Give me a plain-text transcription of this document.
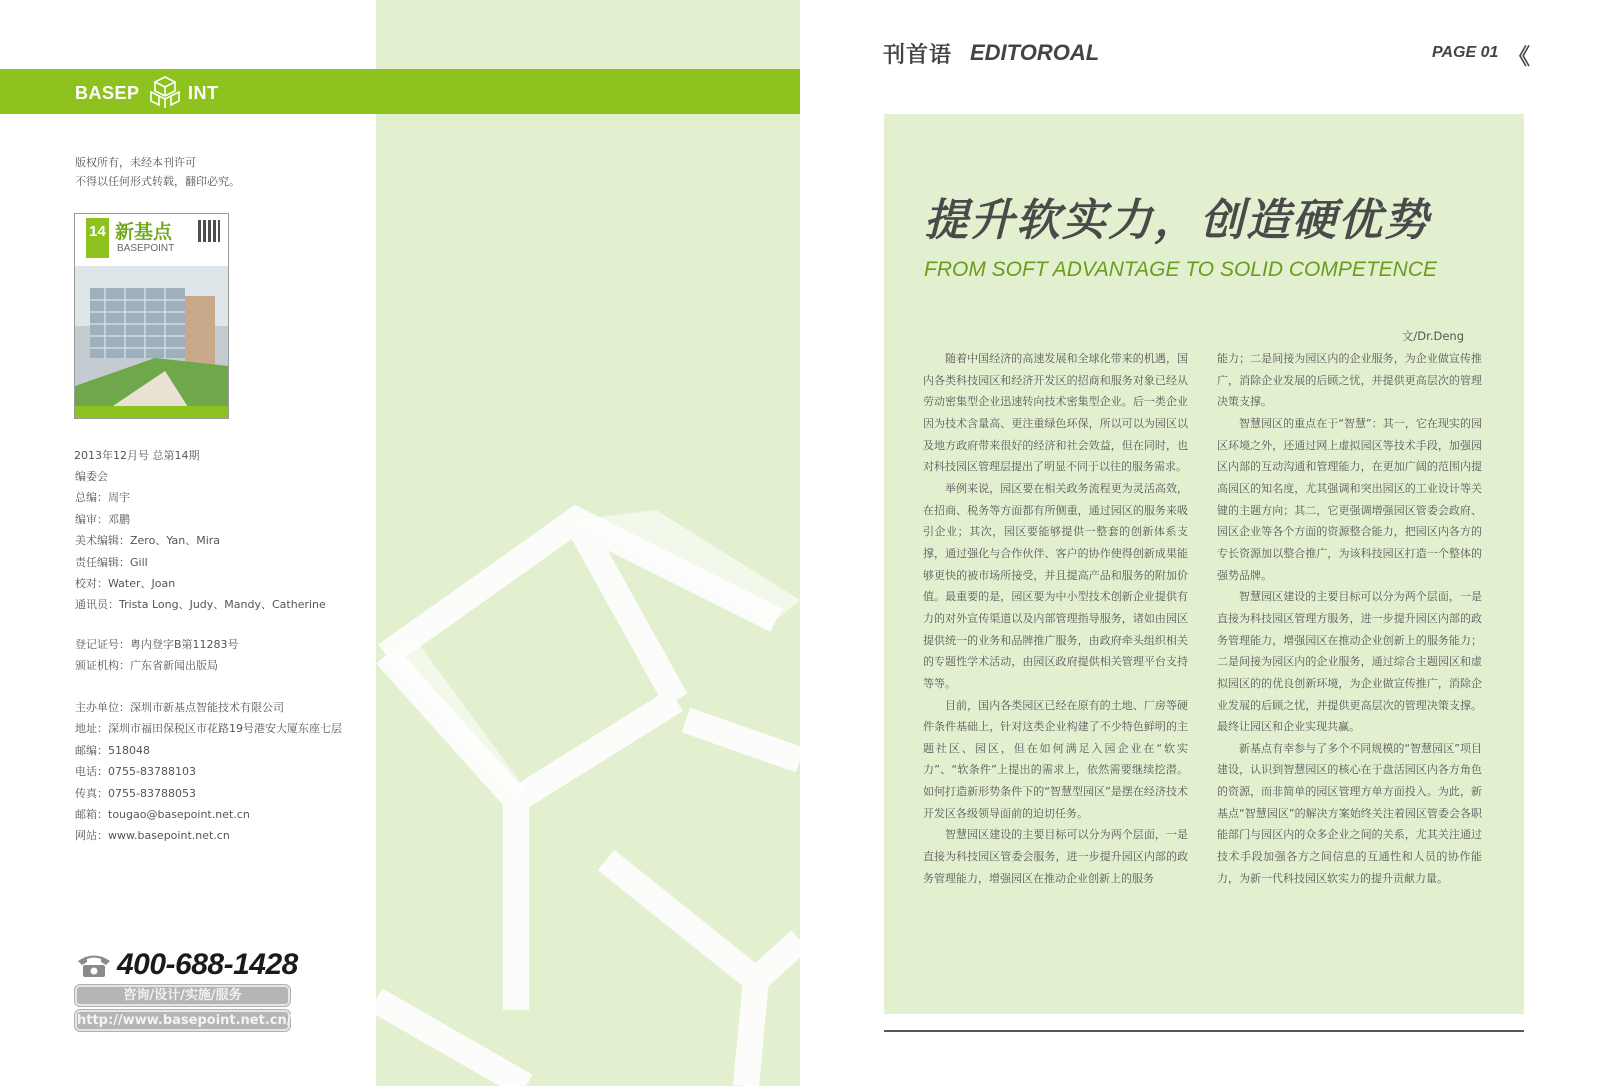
BASEP	INT
版权所有，未经本刊许可
不得以任何形式转载，翻印必究。
14 新基点
BASEPOINT
2013年12月号 总第14期
编委会
总编：周宇
编审：邓鹏
美术编辑：Zero、Yan、Mira
责任编辑：Gill
校对：Water、Joan
通讯员：Trista Long、Judy、Mandy、Catherine
登记证号：粤内登字B第11283号
颁证机构：广东省新闻出版局
主办单位：深圳市新基点智能技术有限公司
地址：深圳市福田保税区市花路19号港安大厦东座七层
邮编：518048
电话：0755-83788103
传真：0755-83788053
邮箱：tougao@basepoint.net.cn
网站：www.basepoint.net.cn
400-688-1428
咨询/设计/实施/服务
http://www.basepoint.net.cn/
刊首语 EDITOROAL	PAGE 01 《
提升软实力，创造硬优势
FROM SOFT ADVANTAGE TO SOLID COMPETENCE
文/Dr.Deng

随着中国经济的高速发展和全球化带来的机遇，国内各类科技园区和经济开发区的招商和服务对象已经从劳动密集型企业迅速转向技术密集型企业。后一类企业因为技术含量高、更注重绿色环保，所以可以为园区以及地方政府带来很好的经济和社会效益，但在同时，也对科技园区管理层提出了明显不同于以往的服务需求。

举例来说，园区要在相关政务流程更为灵活高效，在招商、税务等方面都有所侧重，通过园区的服务来吸引企业；其次，园区要能够提供一整套的创新体系支撑，通过强化与合作伙伴、客户的协作使得创新成果能够更快的被市场所接受，并且提高产品和服务的附加价值。最重要的是，园区要为中小型技术创新企业提供有力的对外宣传渠道以及内部管理指导服务，诸如由园区提供统一的业务和品牌推广服务，由政府牵头组织相关的专题性学术活动，由园区政府提供相关管理平台支持等等。

目前，国内各类园区已经在原有的土地、厂房等硬件条件基础上，针对这类企业构建了不少特色鲜明的主题社区、园区，但在如何满足入园企业在“软实力”、“软条件”上提出的需求上，依然需要继续挖潜。如何打造新形势条件下的“智慧型园区”是摆在经济技术开发区各级领导面前的迫切任务。

智慧园区建设的主要目标可以分为两个层面，一是直接为科技园区管委会服务，进一步提升园区内部的政务管理能力，增强园区在推动企业创新上的服务

能力；二是间接为园区内的企业服务，为企业做宣传推广，消除企业发展的后顾之忧，并提供更高层次的管理决策支撑。

智慧园区的重点在于“智慧”：其一，它在现实的园区环境之外，还通过网上虚拟园区等技术手段，加强园区内部的互动沟通和管理能力，在更加广阔的范围内提高园区的知名度，尤其强调和突出园区的工业设计等关键的主题方向；其二，它更强调增强园区管委会政府、园区企业等各个方面的资源整合能力，把园区内各方的专长资源加以整合推广，为该科技园区打造一个整体的强势品牌。

智慧园区建设的主要目标可以分为两个层面，一是直接为科技园区管理方服务，进一步提升园区内部的政务管理能力，增强园区在推动企业创新上的服务能力；二是间接为园区内的企业服务，通过综合主题园区和虚拟园区的的优良创新环境，为企业做宣传推广，消除企业发展的后顾之忧，并提供更高层次的管理决策支撑。最终让园区和企业实现共赢。

新基点有幸参与了多个不同规模的“智慧园区”项目建设，认识到智慧园区的核心在于盘活园区内各方角色的资源，而非简单的园区管理方单方面投入。为此，新基点“智慧园区”的解决方案始终关注着园区管委会各职能部门与园区内的众多企业之间的关系，尤其关注通过技术手段加强各方之间信息的互通性和人员的协作能力，为新一代科技园区软实力的提升贡献力量。
